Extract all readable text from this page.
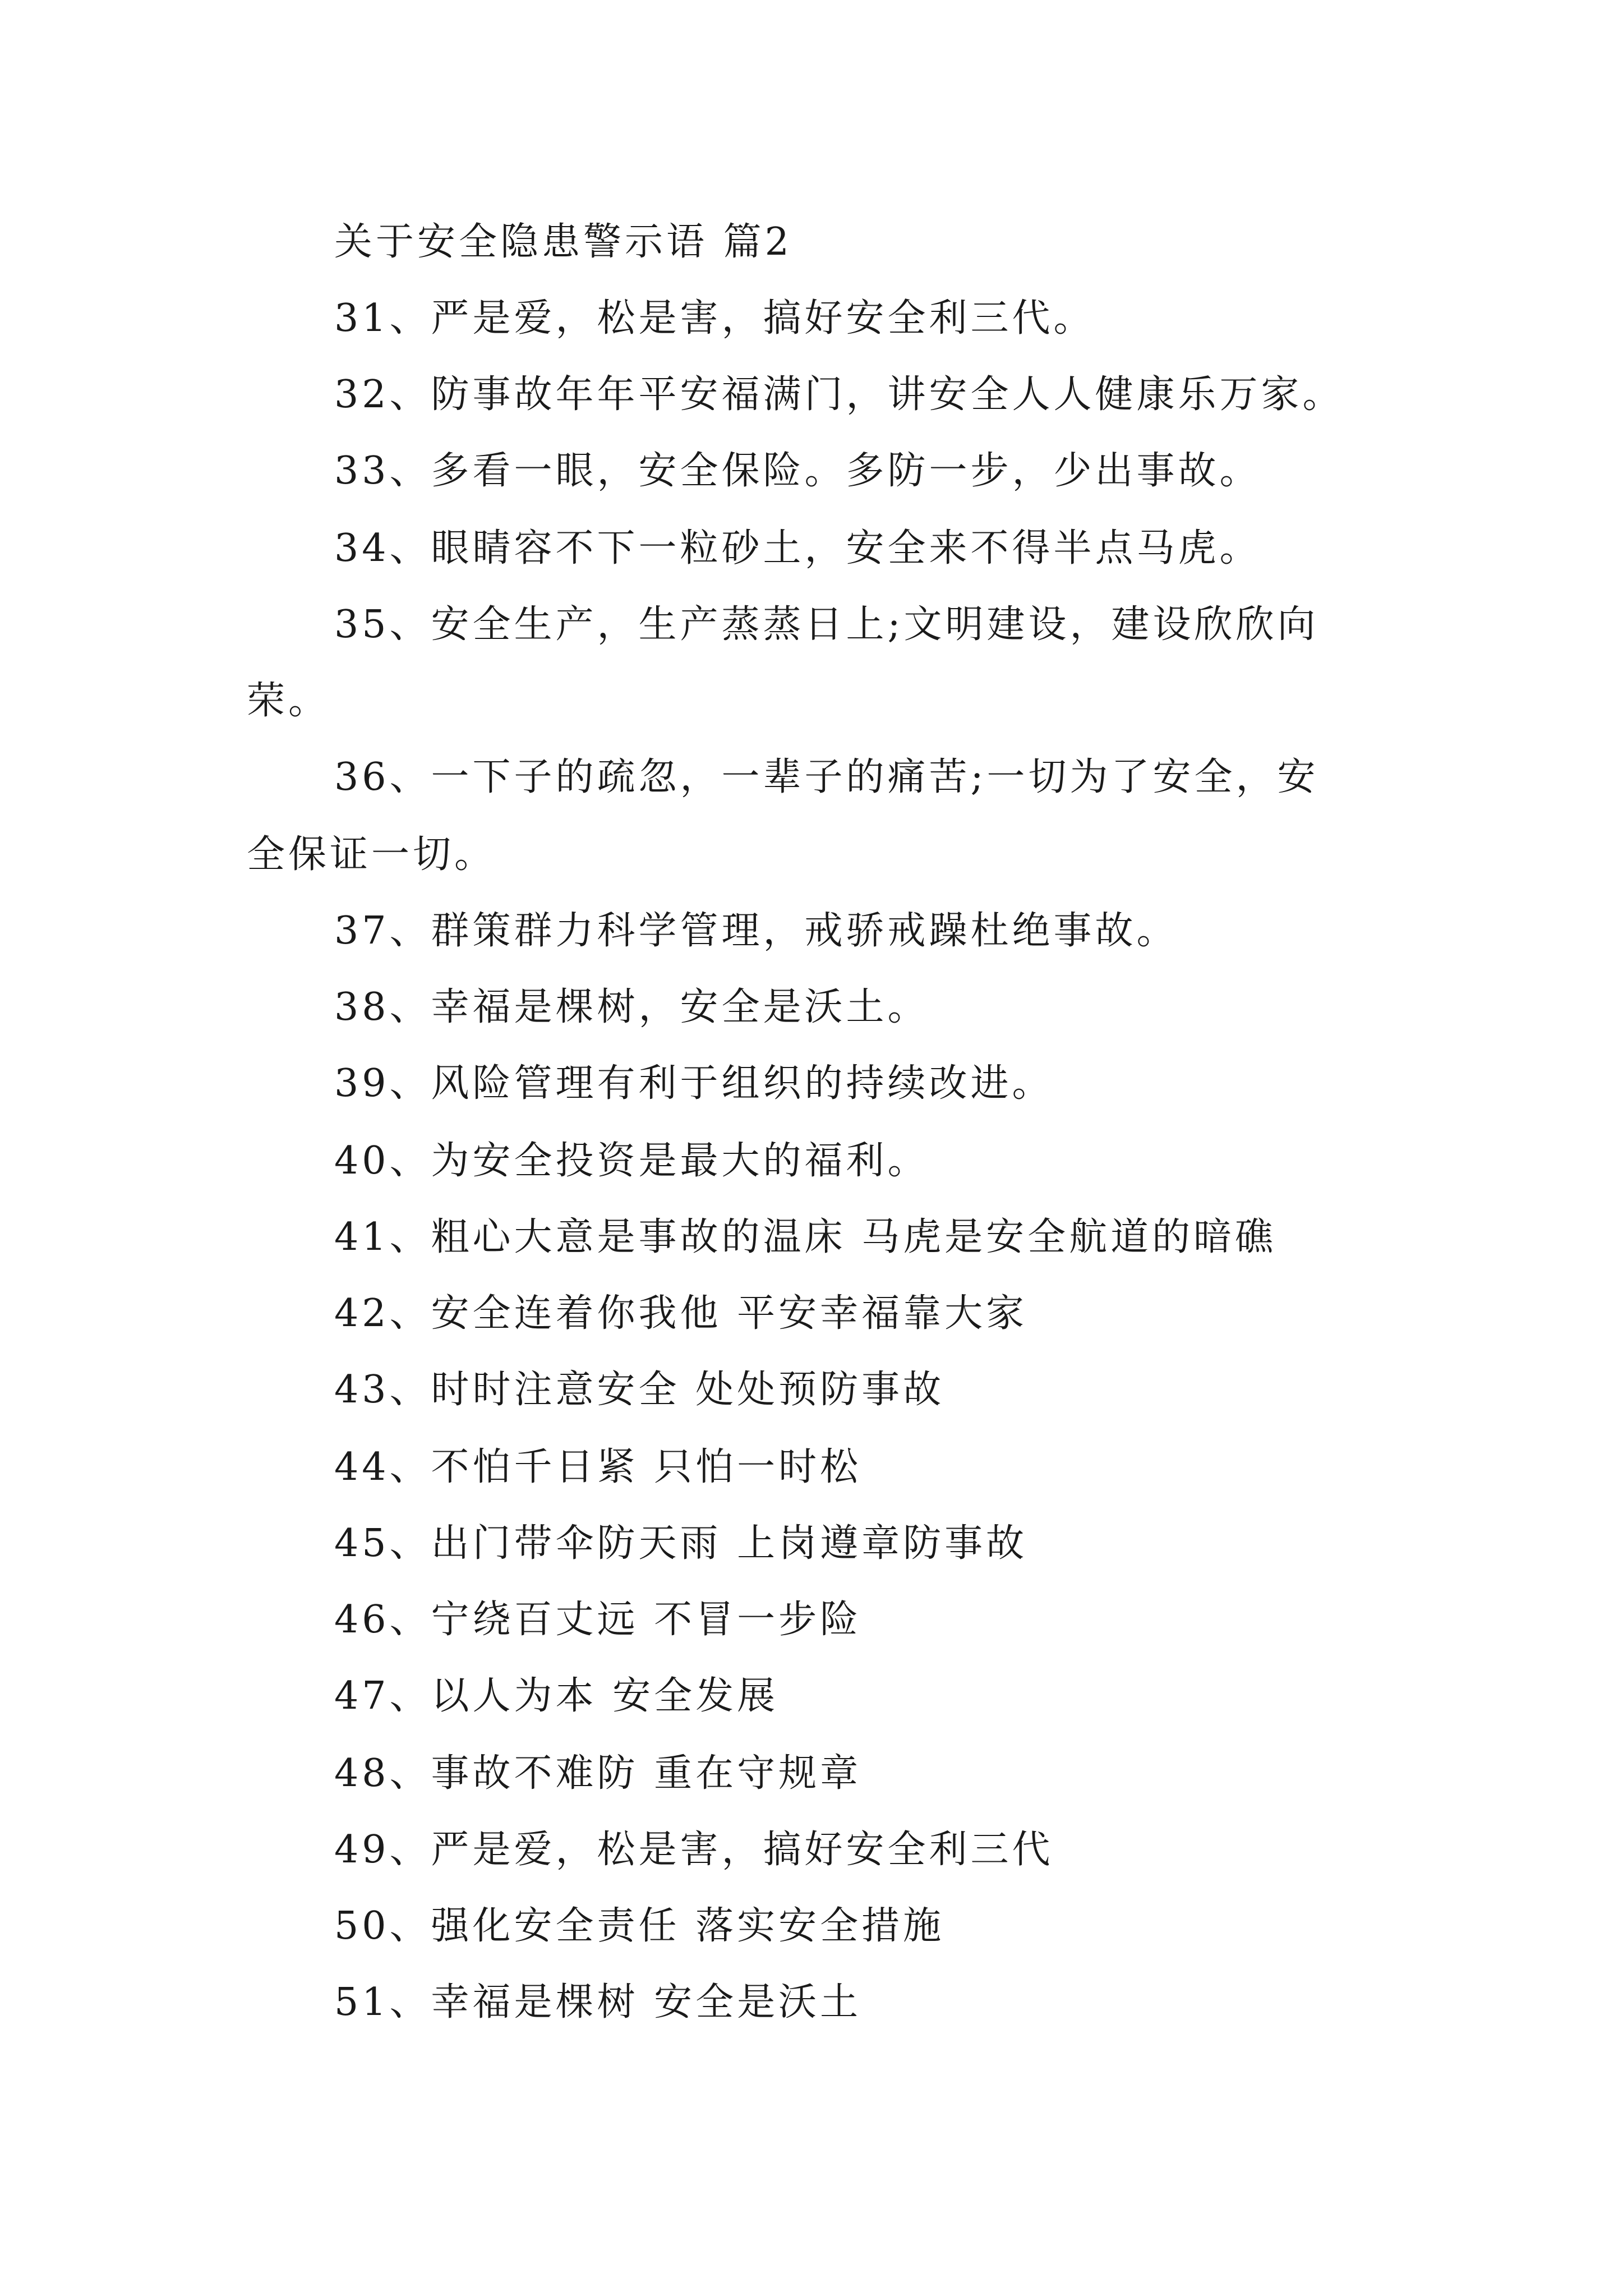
关于安全隐患警示语 篇2
31、严是爱，松是害，搞好安全利三代。
32、防事故年年平安福满门，讲安全人人健康乐万家。
33、多看一眼，安全保险。多防一步，少出事故。
34、眼睛容不下一粒砂土，安全来不得半点马虎。
35、安全生产，生产蒸蒸日上;文明建设，建设欣欣向
荣。
36、一下子的疏忽，一辈子的痛苦;一切为了安全，安
全保证一切。
37、群策群力科学管理，戒骄戒躁杜绝事故。
38、幸福是棵树，安全是沃土。
39、风险管理有利于组织的持续改进。
40、为安全投资是最大的福利。
41、粗心大意是事故的温床 马虎是安全航道的暗礁
42、安全连着你我他 平安幸福靠大家
43、时时注意安全 处处预防事故
44、不怕千日紧 只怕一时松
45、出门带伞防天雨 上岗遵章防事故
46、宁绕百丈远 不冒一步险
47、以人为本 安全发展
48、事故不难防 重在守规章
49、严是爱，松是害，搞好安全利三代
50、强化安全责任 落实安全措施
51、幸福是棵树 安全是沃土
